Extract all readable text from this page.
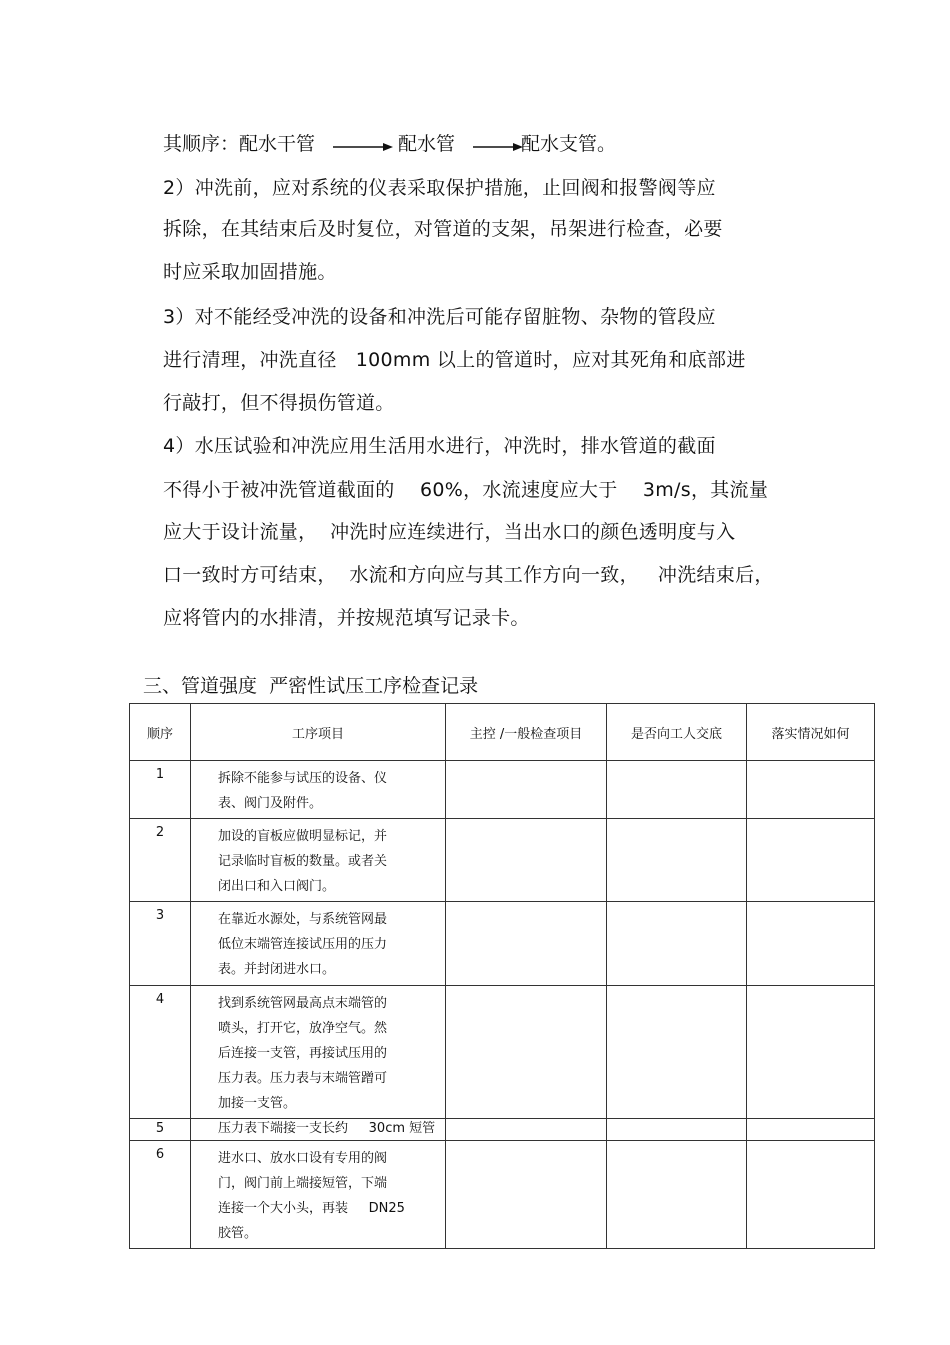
其顺序：配水干管	配水管	配水支管。
2）冲洗前，应对系统的仪表采取保护措施，止回阀和报警阀等应
拆除，在其结束后及时复位，对管道的支架，吊架进行检查，必要
时应采取加固措施。
3）对不能经受冲洗的设备和冲洗后可能存留脏物、杂物的管段应
进行清理，冲洗直径   100mm 以上的管道时，应对其死角和底部进
行敲打，但不得损伤管道。
4）水压试验和冲洗应用生活用水进行，冲洗时，排水管道的截面
不得小于被冲洗管道截面的    60%，水流速度应大于    3m/s，其流量
应大于设计流量，  冲洗时应连续进行，当出水口的颜色透明度与入
口一致时方可结束，  水流和方向应与其工作方向一致，   冲洗结束后，
应将管内的水排清，并按规范填写记录卡。
三、管道强度  严密性试压工序检查记录
顺序	工序项目	主控 /一般检查项目	是否向工人交底	落实情况如何
1	拆除不能参与试压的设备、仪
表、阀门及附件。			

2	加设的盲板应做明显标记，并
记录临时盲板的数量。或者关
闭出口和入口阀门。			

3	在靠近水源处，与系统管网最
低位末端管连接试压用的压力
表。并封闭进水口。			

4	找到系统管网最高点末端管的
喷头，打开它，放净空气。然
后连接一支管，再接试压用的
压力表。压力表与末端管蹭可
加接一支管。			

5	压力表下端接一支长约     30cm 短管			

6	进水口、放水口设有专用的阀
门，阀门前上端接短管，下端
连接一个大小头，再装     DN25
胶管。			
